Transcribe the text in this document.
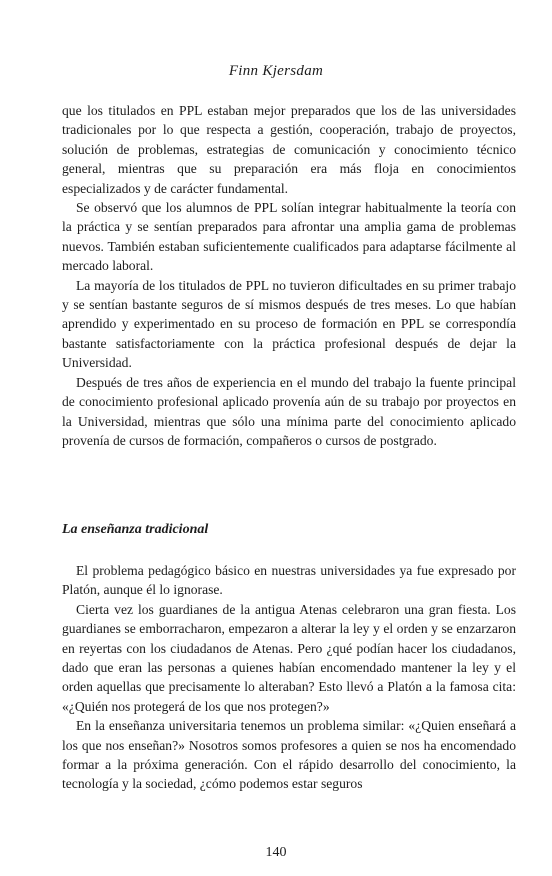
Finn Kjersdam

que los titulados en PPL estaban mejor preparados que los de las universidades tradicionales por lo que respecta a gestión, cooperación, trabajo de proyectos, solución de problemas, estrategias de comunicación y conocimiento técnico general, mientras que su preparación era más floja en conocimientos especializados y de carácter fundamental.

Se observó que los alumnos de PPL solían integrar habitualmente la teoría con la práctica y se sentían preparados para afrontar una amplia gama de problemas nuevos. También estaban suficientemente cualificados para adaptarse fácilmente al mercado laboral.

La mayoría de los titulados de PPL no tuvieron dificultades en su primer trabajo y se sentían bastante seguros de sí mismos después de tres meses. Lo que habían aprendido y experimentado en su proceso de formación en PPL se correspondía bastante satisfactoriamente con la práctica profesional después de dejar la Universidad.

Después de tres años de experiencia en el mundo del trabajo la fuente principal de conocimiento profesional aplicado provenía aún de su trabajo por proyectos en la Universidad, mientras que sólo una mínima parte del conocimiento aplicado provenía de cursos de formación, compañeros o cursos de postgrado.

La enseñanza tradicional

El problema pedagógico básico en nuestras universidades ya fue expresado por Platón, aunque él lo ignorase.

Cierta vez los guardianes de la antigua Atenas celebraron una gran fiesta. Los guardianes se emborracharon, empezaron a alterar la ley y el orden y se enzarzaron en reyertas con los ciudadanos de Atenas. Pero ¿qué podían hacer los ciudadanos, dado que eran las personas a quienes habían encomendado mantener la ley y el orden aquellas que precisamente lo alteraban? Esto llevó a Platón a la famosa cita: «¿Quién nos protegerá de los que nos protegen?»

En la enseñanza universitaria tenemos un problema similar: «¿Quien enseñará a los que nos enseñan?» Nosotros somos profesores a quien se nos ha encomendado formar a la próxima generación. Con el rápido desarrollo del conocimiento, la tecnología y la sociedad, ¿cómo podemos estar seguros

140
